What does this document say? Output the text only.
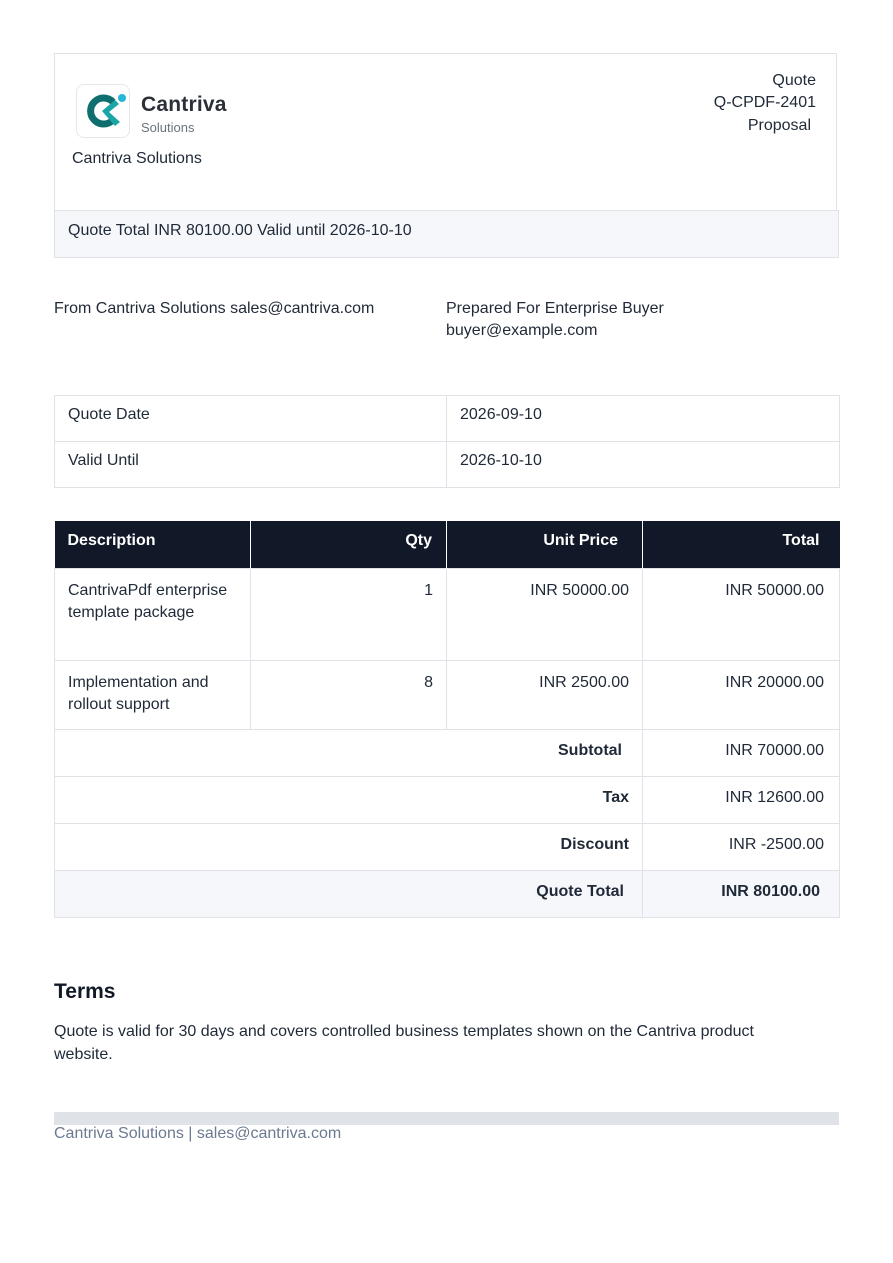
Cantriva
Solutions
Cantriva Solutions
Quote
Q-CPDF-2401
Proposal
Quote Total INR 80100.00 Valid until 2026-10-10
From Cantriva Solutions sales@cantriva.com	Prepared For Enterprise Buyer
buyer@example.com
Quote Date	2026-09-10
Valid Until	2026-10-10
Description	Qty	Unit Price	Total
CantrivaPdf enterprise template package	1	INR 50000.00	INR 50000.00
Implementation and rollout support	8	INR 2500.00	INR 20000.00
Subtotal			INR 70000.00
Tax			INR 12600.00
Discount			INR -2500.00
Quote Total			INR 80100.00
Terms
Quote is valid for 30 days and covers controlled business templates shown on the Cantriva product website.
Cantriva Solutions | sales@cantriva.com
